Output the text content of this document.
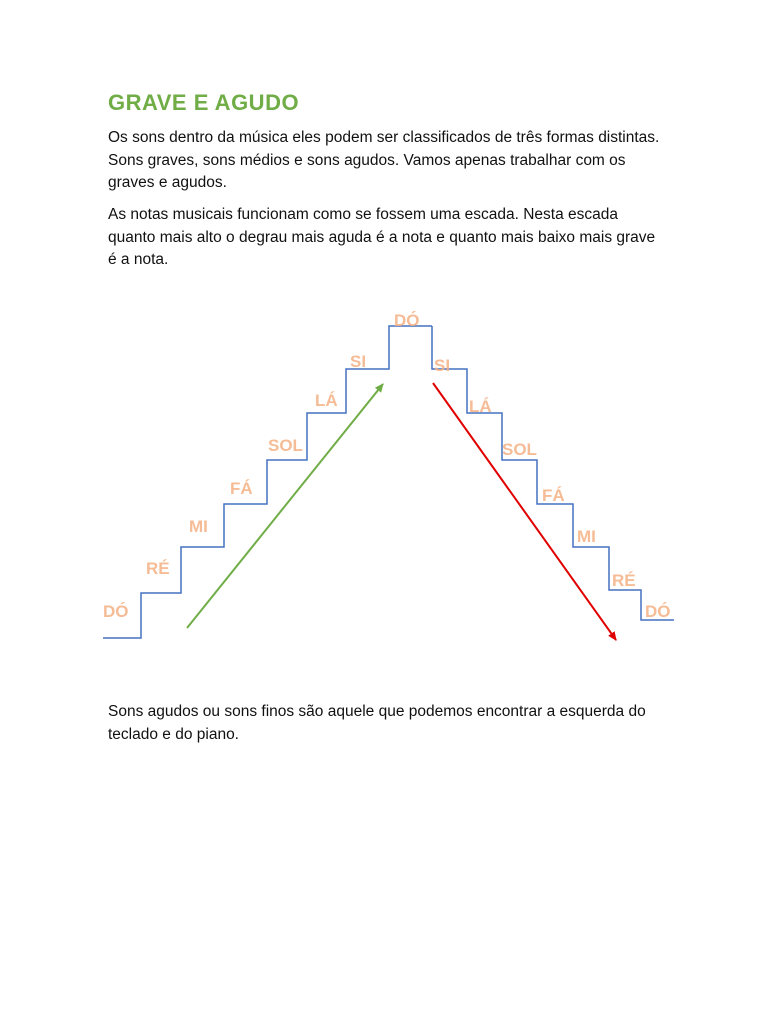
GRAVE E AGUDO

Os sons dentro da música eles podem ser classificados de três formas distintas. Sons graves, sons médios e sons agudos. Vamos apenas trabalhar com os graves e agudos.

As notas musicais funcionam como se fossem uma escada. Nesta escada quanto mais alto o degrau mais aguda é a nota e quanto mais baixo mais grave é a nota.

DÓ
RÉ
MI
FÁ
SOL
LÁ
SI
DÓ
SI
LÁ
SOL
FÁ
MI
RÉ
DÓ

Sons agudos ou sons finos são aquele que podemos encontrar a esquerda do teclado e do piano.
